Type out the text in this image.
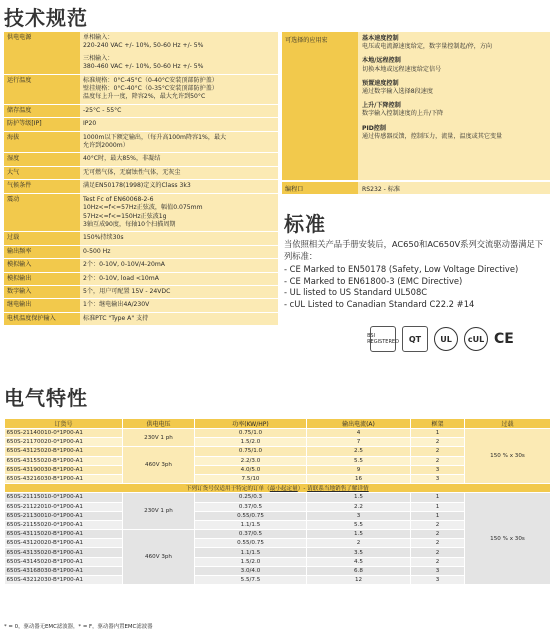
技术规范
供电电源	单相输入：
220-240 VAC +/- 10%, 50-60 Hz +/- 5%
三相输入：
380-460 VAC +/- 10%, 50-60 Hz +/- 5%

运行温度	标准规格：0°C-45°C（0-40°C安装顶部防护盖）
壁挂规格：0°C-40°C（0-35°C安装顶部防护盖）
温度每上升一度，降容2%，最大允许到50°C

储存温度	-25°C - 55°C

防护等级[IP]	IP20

海拔	1000m以下额定输出，（每升高100m降容1%，最大
允许到2000m）

湿度	40°C时，最大85%，非凝结

大气	无可燃气体，无腐蚀性气体，无灰尘

气候条件	满足EN50178(1998)定义的Class 3k3

震动	Test Fc of EN60068-2-6
10Hz<=f<=57Hz正弦波，幅值0.075mm
57Hz<=f<=150Hz正弦波1g
3轴互成90度，每轴10个扫描周期

过载	150%持续30s

输出频率	0-500 Hz

模拟输入	2个：0-10V, 0-10V/4-20mA

模拟输出	2个：0-10V, load <10mA

数字输入	5个，用户可配置 15V - 24VDC

继电输出	1个：继电输出4A/230V

电机温度保护输入	标准PTC "Type A" 支持
可选择的应用宏	基本速度控制
电压或电流源速度给定，数字量控制起/停，方向
本地/远程控制
切换本地或远程速度给定信号
预置速度控制
通过数字输入选择8段速度
上升/下降控制
数字输入控制速度的上升/下降
PID控制
通过传感器反馈，控制压力，流量，温度或其它变量
编程口	RS232 - 标准
标准
当依照相关产品手册安装后，AC650和AC650V系列交流驱动器满足下列标准：
- CE Marked to EN50178 (Safety, Low Voltage Directive)
- CE Marked to EN61800-3 (EMC Directive)
- UL listed to US Standard UL508C
- cUL Listed to Canadian Standard C22.2 #14
BSI REGISTERED QT	UL	cUL CE
电气特性
订货号	供电电压	功率(KW/HP)	输出电流(A)	框架	过载
650S-21140010-0*1P00-A1	230V 1 ph	0.75/1.0	4	1	150 % x 30s
650S-21170020-0*1P00-A1		1.5/2.0	7	2	
650S-43125020-B*1P00-A1	460V 3ph	0.75/1.0	2.5	2	
650S-43155020-B*1P00-A1		2.2/3.0	5.5	2	
650S-43190030-B*1P00-A1		4.0/5.0	9	3	
650S-43216030-B*1P00-A1		7.5/10	16	3	
下列订货号仅适用于特定的订单（最小起定量）- 请联系当地销售了解详情					
650S-21115010-0*1P00-A1	230V 1 ph	0.25/0.3	1.5	1	150 % x 30s
650S-21122010-0*1P00-A1		0.37/0.5	2.2	1	
650S-21130010-0*1P00-A1		0.55/0.75	3	1	
650S-21155020-0*1P00-A1		1.1/1.5	5.5	2	
650S-43115020-B*1P00-A1	460V 3ph	0.37/0.5	1.5	2	
650S-43120020-B*1P00-A1		0.55/0.75	2	2	
650S-43135020-B*1P00-A1		1.1/1.5	3.5	2	
650S-43145020-B*1P00-A1		1.5/2.0	4.5	2	
650S-43168030-B*1P00-A1		3.0/4.0	6.8	3	
650S-43212030-B*1P00-A1		5.5/7.5	12	3	
* = 0，驱动器无EMC滤波器，* = F，驱动器内置EMC滤波器
